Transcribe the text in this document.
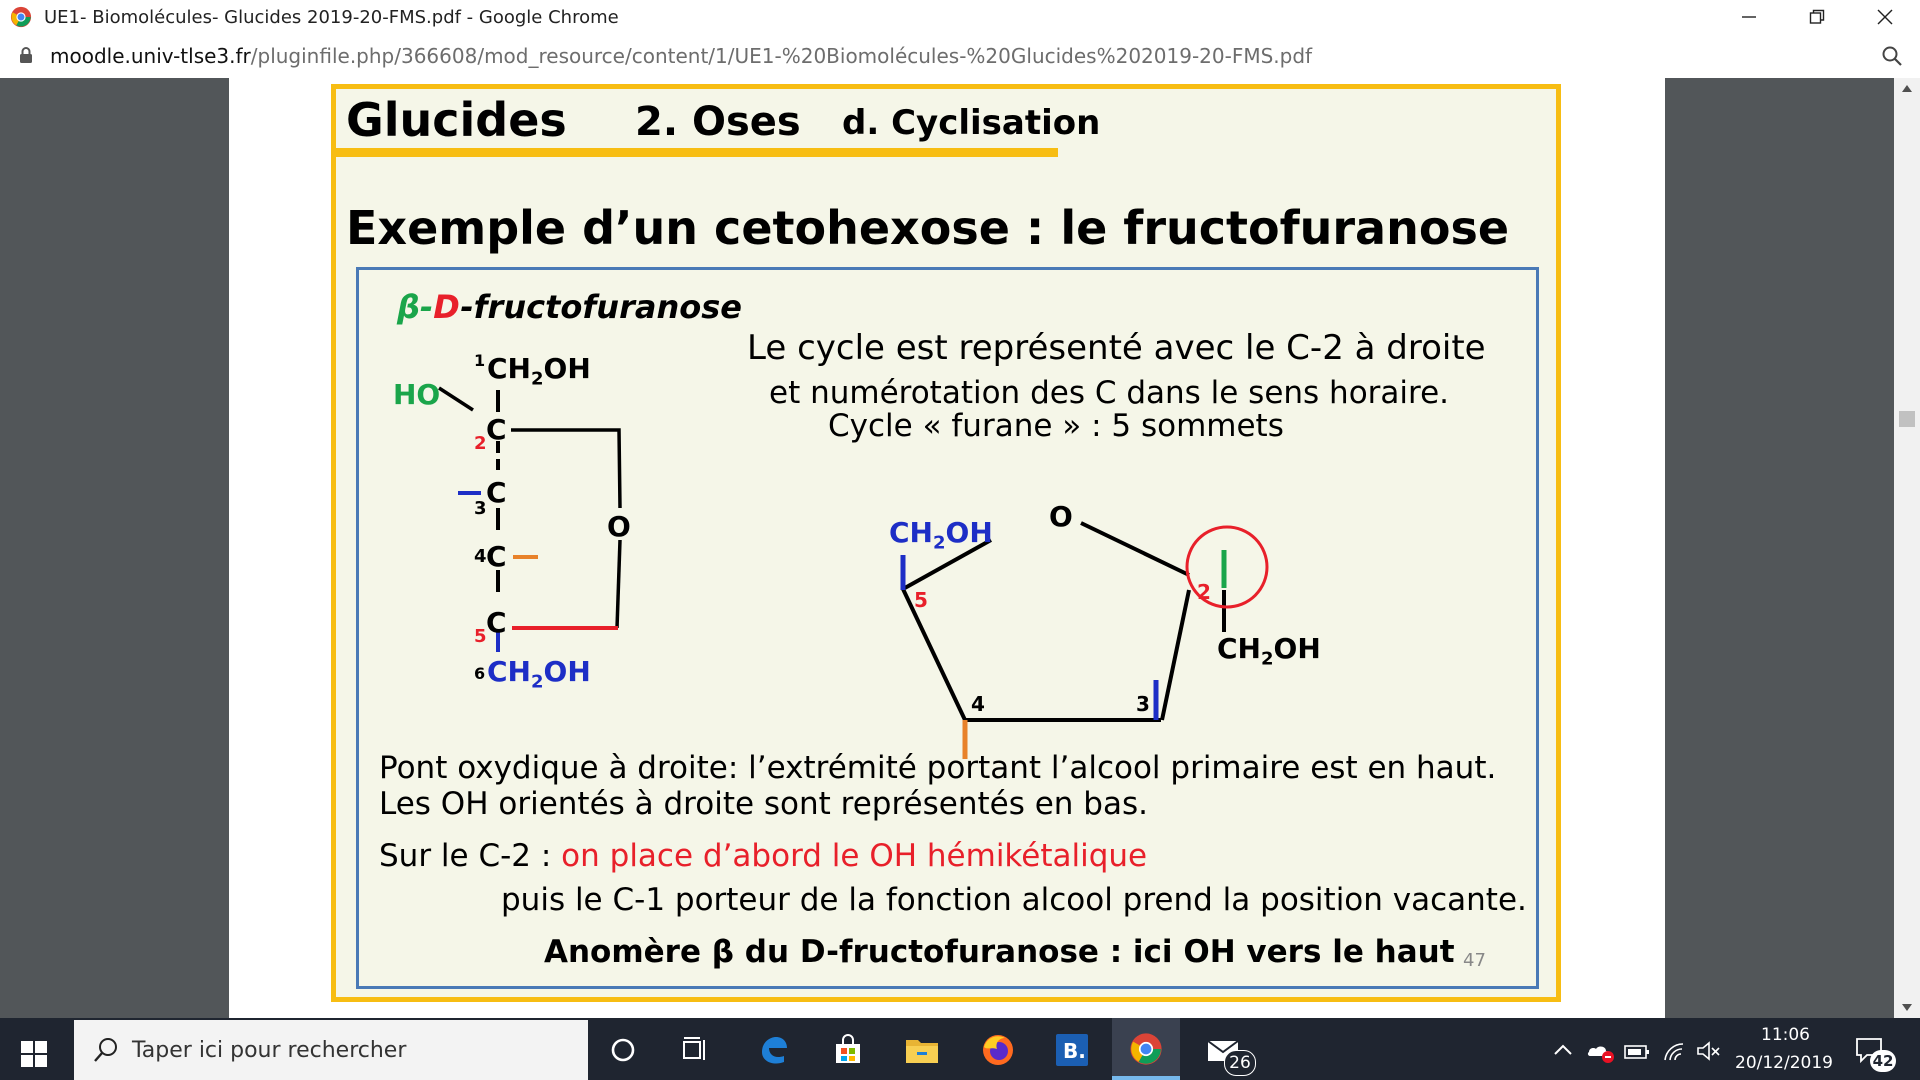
UE1- Biomolécules- Glucides 2019-20-FMS.pdf - Google Chrome
moodle.univ-tlse3.fr/pluginfile.php/366608/mod_resource/content/1/UE1-%20Biomolécules-%20Glucides%202019-20-FMS.pdf
Glucides 2. Oses d. Cyclisation
Exemple d’un cetohexose : le fructofuranose
β-D-fructofuranose
1 $CH_2OH$
HO
C
2
C
3
4 C
C
5
O
6 $CH_2OH$
Le cycle est représenté avec le C-2 à droite
et numérotation des C dans le sens horaire.
Cycle « furane » : 5 sommets
O
$CH_2OH$
5	2
4	3
$CH_2OH$
Pont oxydique à droite: l’extrémité portant l’alcool primaire est en haut.
Les OH orientés à droite sont représentés en bas.
Sur le C-2 : on place d’abord le OH hémikétalique
puis le C-1 porteur de la fonction alcool prend la position vacante.
Anomère β du D-fructofuranose : ici OH vers le haut 47
Taper ici pour rechercher	B.	26
11:06
20/12/2019	42
